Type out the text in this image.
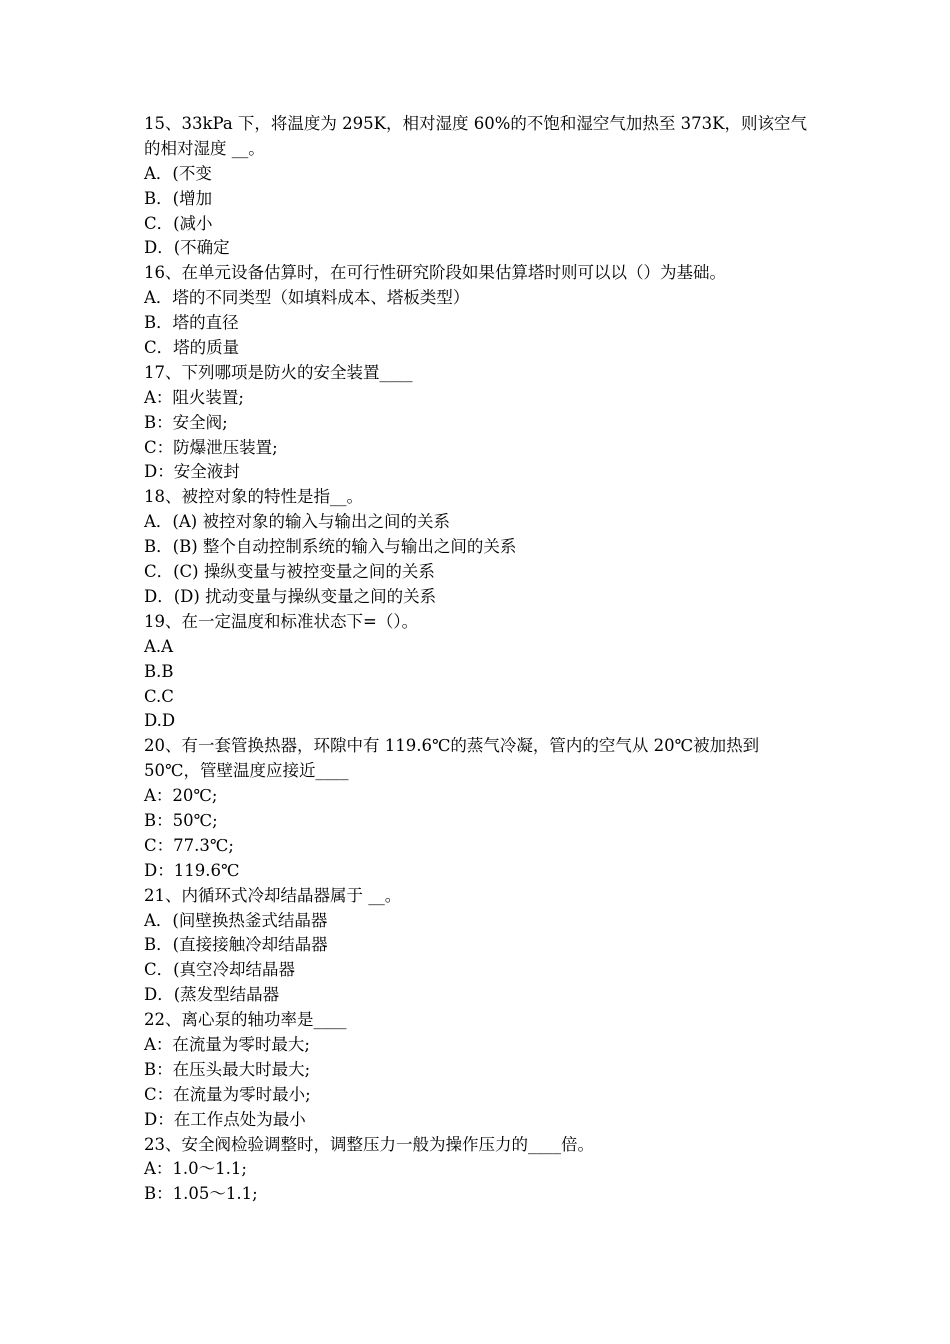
15、33kPa 下，将温度为 295K，相对湿度 60%的不饱和湿空气加热至 373K，则该空气的相对湿度 __。
A．(不变
B．(增加
C．(减小
D．(不确定
16、在单元设备估算时，在可行性研究阶段如果估算塔时则可以以（）为基础。
A．塔的不同类型（如填料成本、塔板类型）
B．塔的直径
C．塔的质量
17、下列哪项是防火的安全装置____
A：阻火装置;
B：安全阀;
C：防爆泄压装置;
D：安全液封
18、被控对象的特性是指__。
A．(A) 被控对象的输入与输出之间的关系
B．(B) 整个自动控制系统的输入与输出之间的关系
C．(C) 操纵变量与被控变量之间的关系
D．(D) 扰动变量与操纵变量之间的关系
19、在一定温度和标准状态下=（）。
A.A
B.B
C.C
D.D
20、有一套管换热器，环隙中有 119.6℃的蒸气冷凝，管内的空气从 20℃被加热到 50℃，管壁温度应接近____
A：20℃;
B：50℃;
C：77.3℃;
D：119.6℃
21、内循环式冷却结晶器属于 __。
A．(间壁换热釜式结晶器
B．(直接接触冷却结晶器
C．(真空冷却结晶器
D．(蒸发型结晶器
22、离心泵的轴功率是____
A：在流量为零时最大;
B：在压头最大时最大;
C：在流量为零时最小;
D：在工作点处为最小
23、安全阀检验调整时，调整压力一般为操作压力的____倍。
A：1.0～1.1;
B：1.05～1.1;
